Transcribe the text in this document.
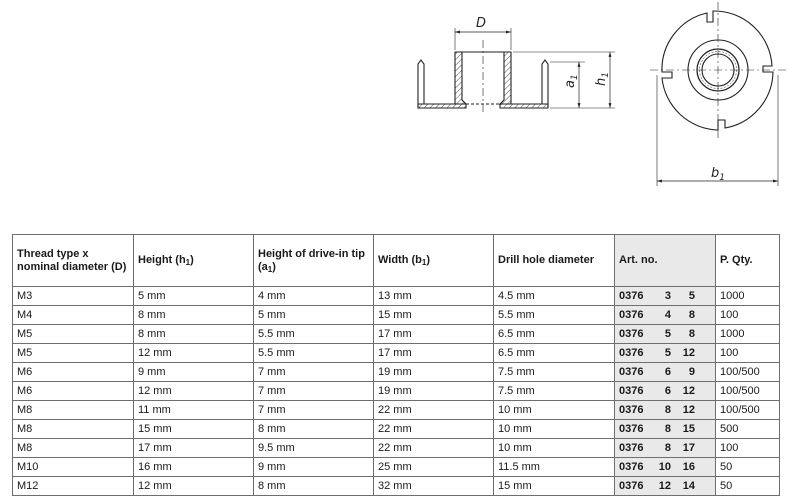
D
$a_1$
$h_1$
$b_1$
Thread type x nominal diameter (D)	Height $(h_1)$	Height of drive-in tip $(a_1)$	Width $(b_1)$	Drill hole diameter	Art. no.	P. Qty.
M3	5 mm	4 mm	13 mm	4.5 mm	0376 3 5	1000
M4	8 mm	5 mm	15 mm	5.5 mm	0376 4 8	100
M5	8 mm	5.5 mm	17 mm	6.5 mm	0376 5 8	1000
M5	12 mm	5.5 mm	17 mm	6.5 mm	0376 5 12	100
M6	9 mm	7 mm	19 mm	7.5 mm	0376 6 9	100/500
M6	12 mm	7 mm	19 mm	7.5 mm	0376 6 12	100/500
M8	11 mm	7 mm	22 mm	10 mm	0376 8 12	100/500
M8	15 mm	8 mm	22 mm	10 mm	0376 8 15	500
M8	17 mm	9.5 mm	22 mm	10 mm	0376 8 17	100
M10	16 mm	9 mm	25 mm	11.5 mm	0376 10 16	50
M12	12 mm	8 mm	32 mm	15 mm	0376 12 14	50
